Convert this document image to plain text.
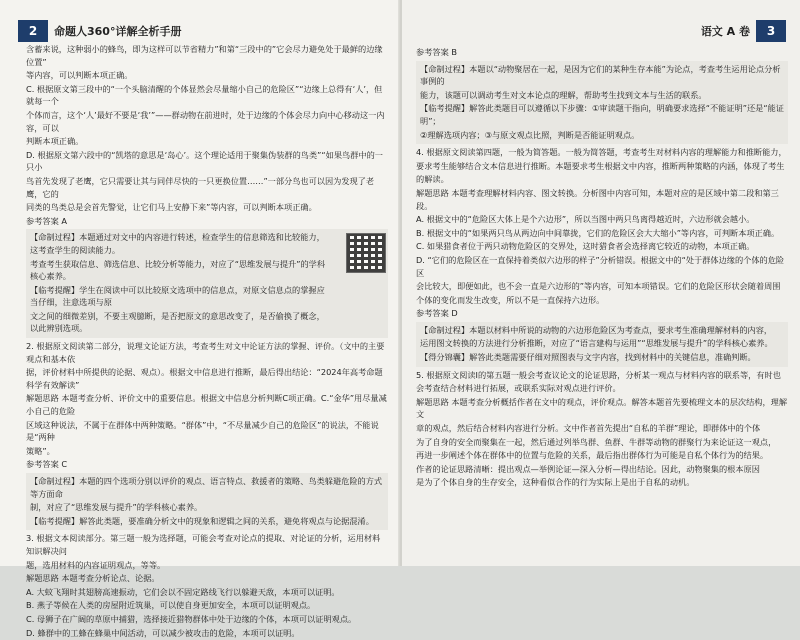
2	命题人360°详解全析手册

含蓄来说，这种弱小的蜂鸟，即为这样可以节省精力”和第“三段中的”它会尽力避免处于最鲜的边缘位置”

等内容，可以判断本项正确。

C. 根据原文第三段中的“一个头脑清醒的个体显然会尽量缩小自己的危险区”“边缘上总得有‘人’，但就每一个

个体而言，这个‘人’最好不要是‘我’”——群动物在前进时，处于边缘的个体会尽力向中心移动这一内容，可以

判断本项正确。

D. 根据原文第六段中的“凯塔的意思是‘岛心’。这个理论适用于聚集伪装群的鸟类”“如果鸟群中的一只小

鸟首先发现了老鹰，它只需要让其与同伴尽快的一只更换位置……”一部分鸟也可以因为发现了老鹰，它的

同类的鸟类总是会首先警觉，让它们马上安静下来”等内容，可以判断本项正确。

参考答案 A

【命制过程】本题通过对文中的内容进行转述，检查学生的信息筛选和比较能力，这考查学生的阅读能力。

考查考生获取信息、筛选信息、比较分析等能力，对应了“思维发展与提升”的学科核心素养。

【临考提醒】学生在阅读中可以比较原文选项中的信息点，对原文信息点的掌握应当仔细，注意选项与原

文之间的细微差别，不要主观臆断，是否把原文的意思改变了，是否偷换了概念，以此辨别选项。

2. 根据原文阅读第二部分，说理文论证方法，考查考生对文中论证方法的掌握、评价。（文中的主要观点和基本依

据，评价材料中所提供的论据、观点）。根据文中信息进行推断，最后得出结论：“2024年高考命题科学有效解读”

解题思路 本题考查分析、评价文中的重要信息。根据文中信息分析判断C项正确。C.“金华”用尽量减小自己的危险

区域这种说法，不属于在群体中两种策略。“群体”中，“不尽量减少自己的危险区”的说法，不能说是“两种

策略”。

参考答案 C

【命制过程】本题的四个选项分别以评价的观点、语言特点、救援者的策略、鸟类躲避危险的方式等方面命

制，对应了“思维发展与提升”的学科核心素养。

【临考提醒】解答此类题，要准确分析文中的现象和逻辑之间的关系，避免将观点与论据混淆。

3. 根据文本阅读部分。第三题一般为选择题，可能会考查对论点的提取、对论证的分析，运用材料知识解决问

题，选用材料的内容证明观点，等等。

解题思路 本题考查分析论点、论据。

A. 大蚊飞翔时其翅膀高速振动，它们会以不固定路线飞行以躲避天敌，本项可以证明。

B. 燕子等候在人类的房屋附近筑巢，可以使自身更加安全，本项可以证明观点。

C. 母狮子在广阔的草原中捕猎，选择接近猎物群体中处于边缘的个体，本项可以证明观点。

D. 蜂群中的工蜂在蜂巢中间活动，可以减少被攻击的危险，本项可以证明。

语文 A 卷	3

参考答案 B

【命制过程】本题以“动物聚居在一起，是因为它们的某种生存本能”为论点，考查考生运用论点分析事例的

能力，该题可以调动考生对文本论点的理解，帮助考生找到文本与生活的联系。

【临考提醒】解答此类题目可以遵循以下步骤：①审读题干指向，明确要求选择“不能证明”还是“能证明”；

②理解选项内容；③与原文观点比照，判断是否能证明观点。

4. 根据原文阅读第四题，一般为简答题。一般为简答题，考查考生对材料内容的理解能力和推断能力，

要求考生能够结合文本信息进行推断。本题要求考生根据文中内容，推断两种策略的内涵，体现了考生

的解读。

解题思路 本题考查理解材料内容、图文转换。分析图中内容可知，本题对应的是区域中第二段和第三段。

A. 根据文中的“危险区大体上是个六边形”，所以当图中两只鸟离得越近时，六边形就会越小。

B. 根据文中的“如果两只鸟从两边向中间靠拢，它们的危险区会大大缩小”等内容，可判断本项正确。

C. 如果猎食者位于两只动物危险区的交界处，这时猎食者会选择离它较近的动物，本项正确。

D. “它们的危险区在一直保持着类似六边形的样子”分析错误。根据文中的“处于群体边缘的个体的危险区

会比较大，即便如此，也不会一直是六边形的”等内容，可知本项错误。它们的危险区形状会随着周围

个体的变化而发生改变，所以不是一直保持六边形。

参考答案 D

【命制过程】本题以材料中所说的动物的六边形危险区为考查点，要求考生准确理解材料的内容，

运用图文转换的方法进行分析推断，对应了“语言建构与运用”“思维发展与提升”的学科核心素养。

【得分锦囊】解答此类题需要仔细对照图表与文字内容，找到材料中的关键信息，准确判断。

5. 根据原文阅读Ⅰ的第五题一般会考查议论文的论证思路，分析某一观点与材料内容的联系等，有时也

会考查结合材料进行拓展，或联系实际对观点进行评价。

解题思路 本题考查分析概括作者在文中的观点，评价观点。解答本题首先要梳理文本的层次结构，理解文

章的观点，然后结合材料内容进行分析。文中作者首先提出“自私的羊群”理论，即群体中的个体

为了自身的安全而聚集在一起，然后通过列举鸟群、鱼群、牛群等动物的群聚行为来论证这一观点，

再进一步阐述个体在群体中的位置与危险的关系，最后指出群体行为可能是自私个体行为的结果。

作者的论证思路清晰：提出观点—举例论证—深入分析—得出结论。因此，动物聚集的根本原因

是为了个体自身的生存安全，这种看似合作的行为实际上是出于自私的动机。
